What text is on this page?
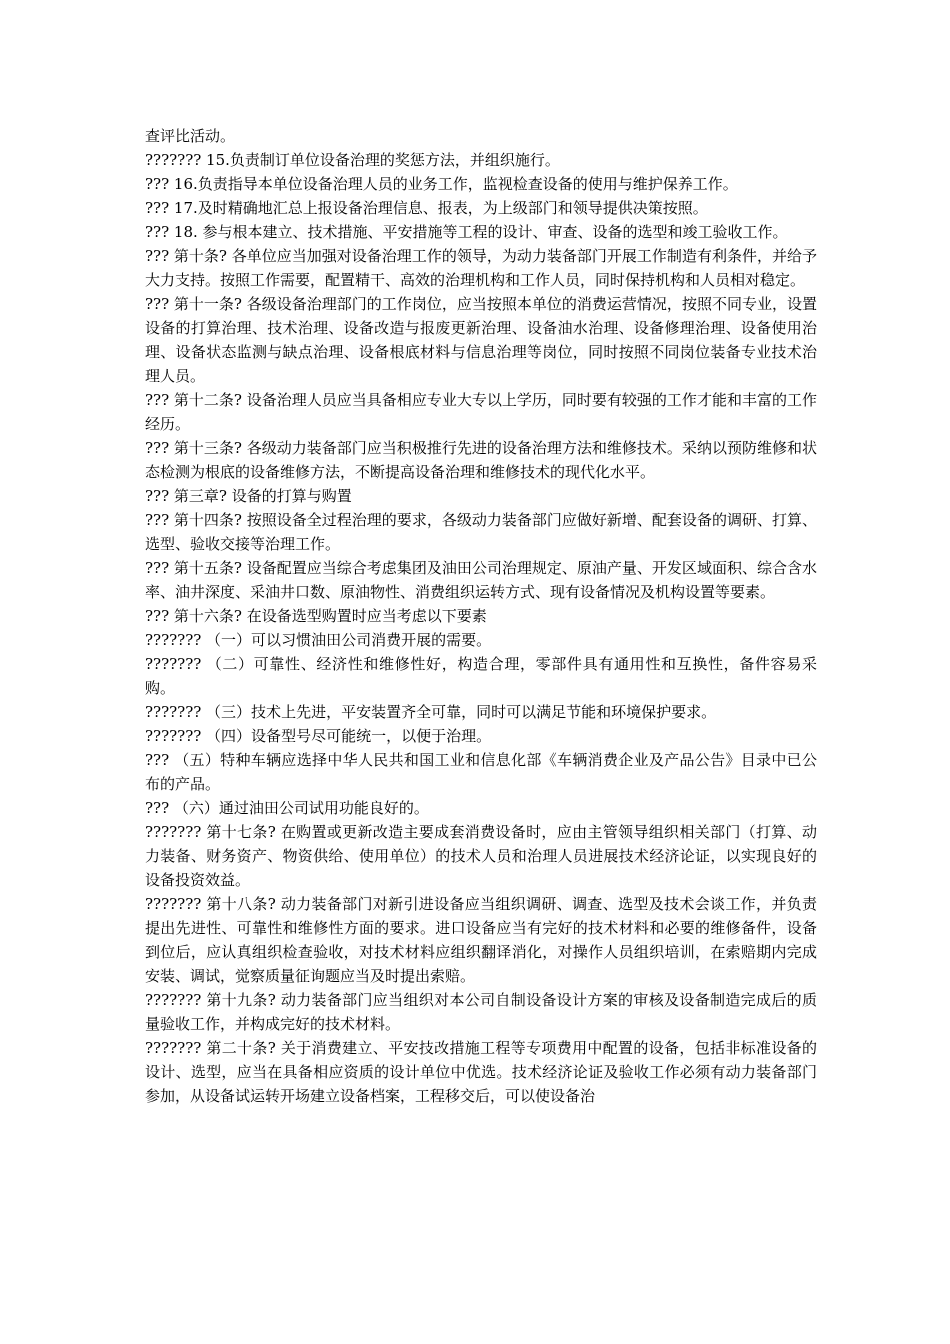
查评比活动。

??????? 15.负责制订单位设备治理的奖惩方法，并组织施行。

??? 16.负责指导本单位设备治理人员的业务工作，监视检查设备的使用与维护保养工作。

??? 17.及时精确地汇总上报设备治理信息、报表，为上级部门和领导提供决策按照。

??? 18. 参与根本建立、技术措施、平安措施等工程的设计、审查、设备的选型和竣工验收工作。

??? 第十条? 各单位应当加强对设备治理工作的领导，为动力装备部门开展工作制造有利条件，并给予大力支持。按照工作需要，配置精干、高效的治理机构和工作人员，同时保持机构和人员相对稳定。

??? 第十一条? 各级设备治理部门的工作岗位，应当按照本单位的消费运营情况，按照不同专业，设置设备的打算治理、技术治理、设备改造与报废更新治理、设备油水治理、设备修理治理、设备使用治理、设备状态监测与缺点治理、设备根底材料与信息治理等岗位，同时按照不同岗位装备专业技术治理人员。

??? 第十二条? 设备治理人员应当具备相应专业大专以上学历，同时要有较强的工作才能和丰富的工作经历。

??? 第十三条? 各级动力装备部门应当积极推行先进的设备治理方法和维修技术。采纳以预防维修和状态检测为根底的设备维修方法，不断提高设备治理和维修技术的现代化水平。

??? 第三章? 设备的打算与购置

??? 第十四条? 按照设备全过程治理的要求，各级动力装备部门应做好新增、配套设备的调研、打算、选型、验收交接等治理工作。

??? 第十五条? 设备配置应当综合考虑集团及油田公司治理规定、原油产量、开发区域面积、综合含水率、油井深度、采油井口数、原油物性、消费组织运转方式、现有设备情况及机构设置等要素。

??? 第十六条? 在设备选型购置时应当考虑以下要素

??????? （一）可以习惯油田公司消费开展的需要。

??????? （二）可靠性、经济性和维修性好，构造合理，零部件具有通用性和互换性，备件容易采购。

??????? （三）技术上先进，平安装置齐全可靠，同时可以满足节能和环境保护要求。

??????? （四）设备型号尽可能统一，以便于治理。

??? （五）特种车辆应选择中华人民共和国工业和信息化部《车辆消费企业及产品公告》目录中已公布的产品。

??? （六）通过油田公司试用功能良好的。

??????? 第十七条? 在购置或更新改造主要成套消费设备时，应由主管领导组织相关部门（打算、动力装备、财务资产、物资供给、使用单位）的技术人员和治理人员进展技术经济论证，以实现良好的设备投资效益。

??????? 第十八条? 动力装备部门对新引进设备应当组织调研、调查、选型及技术会谈工作，并负责提出先进性、可靠性和维修性方面的要求。进口设备应当有完好的技术材料和必要的维修备件，设备到位后，应认真组织检查验收，对技术材料应组织翻译消化，对操作人员组织培训，在索赔期内完成安装、调试，觉察质量征询题应当及时提出索赔。

??????? 第十九条? 动力装备部门应当组织对本公司自制设备设计方案的审核及设备制造完成后的质量验收工作，并构成完好的技术材料。

??????? 第二十条? 关于消费建立、平安技改措施工程等专项费用中配置的设备，包括非标准设备的设计、选型，应当在具备相应资质的设计单位中优选。技术经济论证及验收工作必须有动力装备部门参加，从设备试运转开场建立设备档案，工程移交后，可以使设备治
